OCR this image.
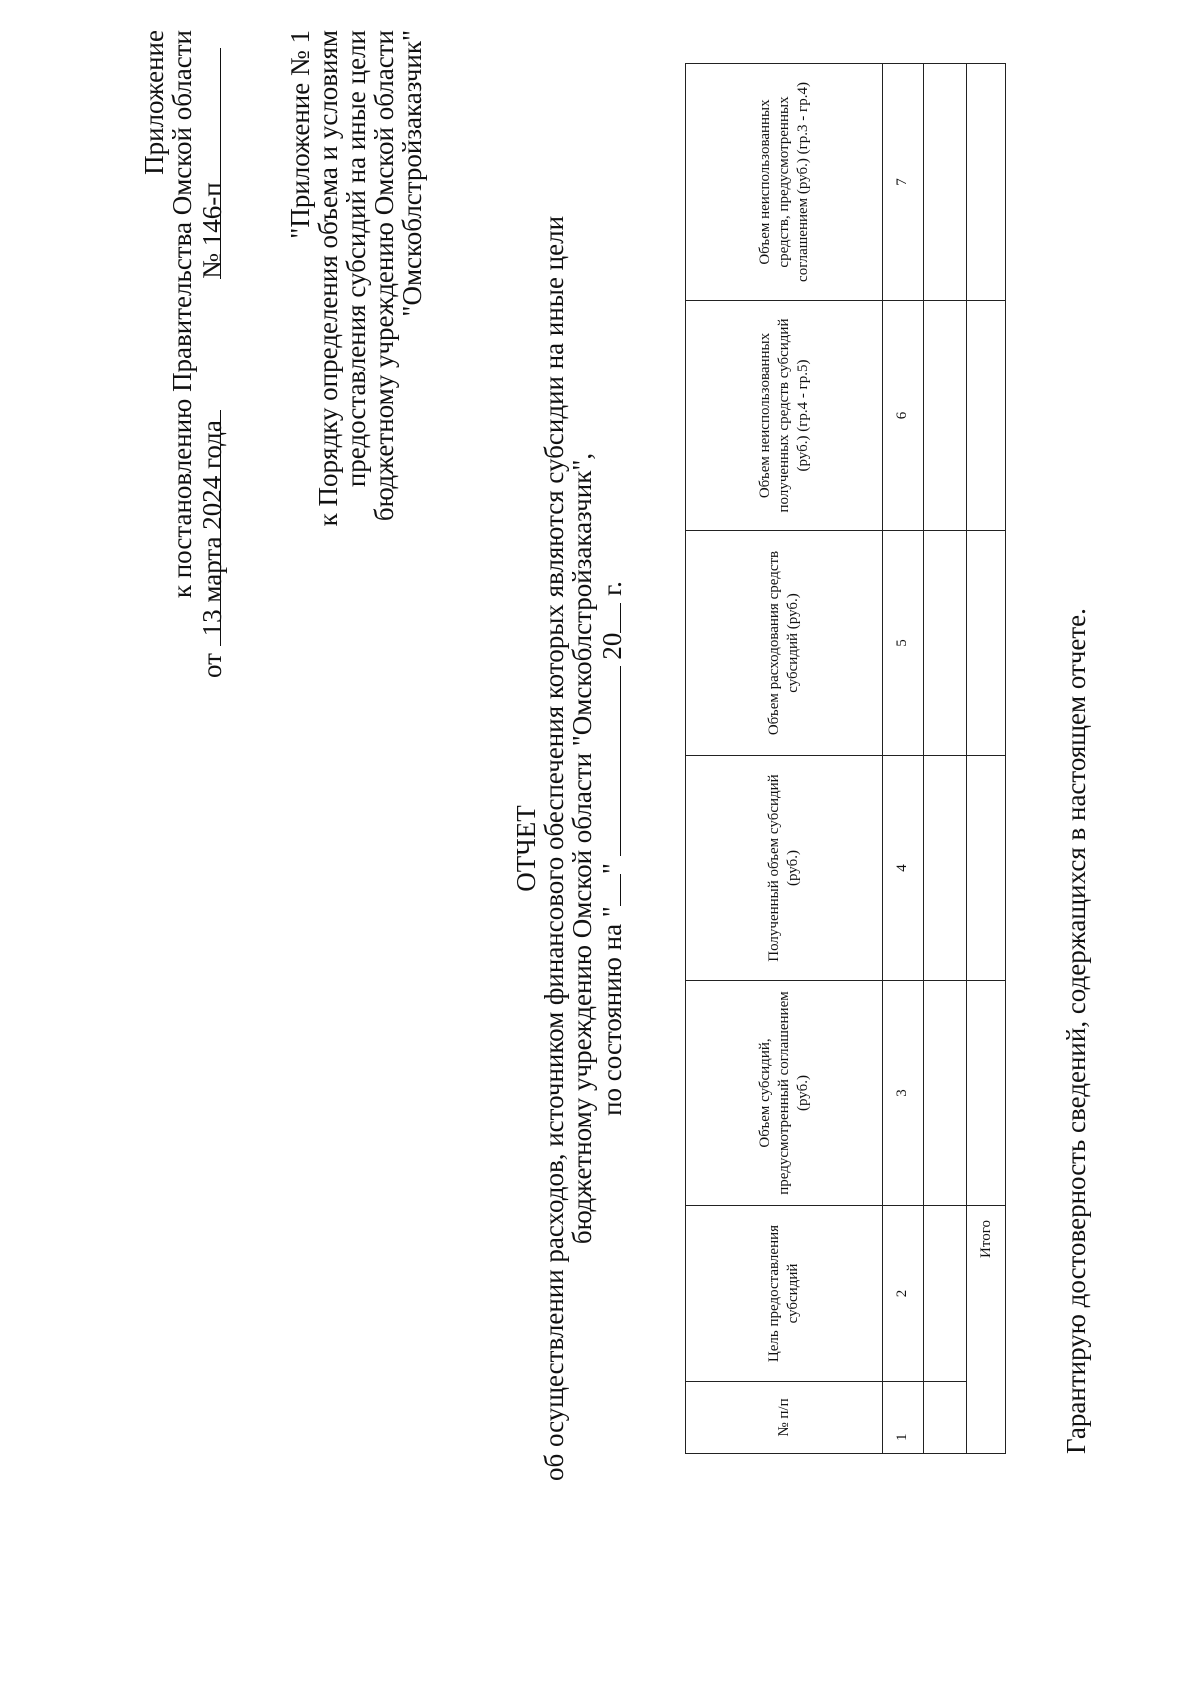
Приложение
к постановлению Правительства Омской области
от 13 марта 2024 года  № 146-п "Приложение № 1
к Порядку определения объема и условиям
предоставления субсидий на иные цели
бюджетному учреждению Омской области
"Омскоблстройзаказчик"
ОТЧЕТ
об осуществлении расходов, источником финансового обеспечения которых являются субсидии на иные цели
бюджетному учреждению Омской области "Омскоблстройзаказчик", по состоянию на ""  20 г.
№ п/п	Цель предоставления субсидий	Объем субсидий, предусмотренный соглашением (руб.)	Полученный объем субсидий (руб.)	Объем расходования средств субсидий (руб.)	Объем неиспользованных полученных средств субсидий (руб.) (гр.4 - гр.5)	Объем неиспользованных средств, предусмотренных соглашением (руб.) (гр.3 - гр.4)
1	2	3	4	5	6	7

Итого						Гарантирую достоверность сведений, содержащихся в настоящем отчете.
